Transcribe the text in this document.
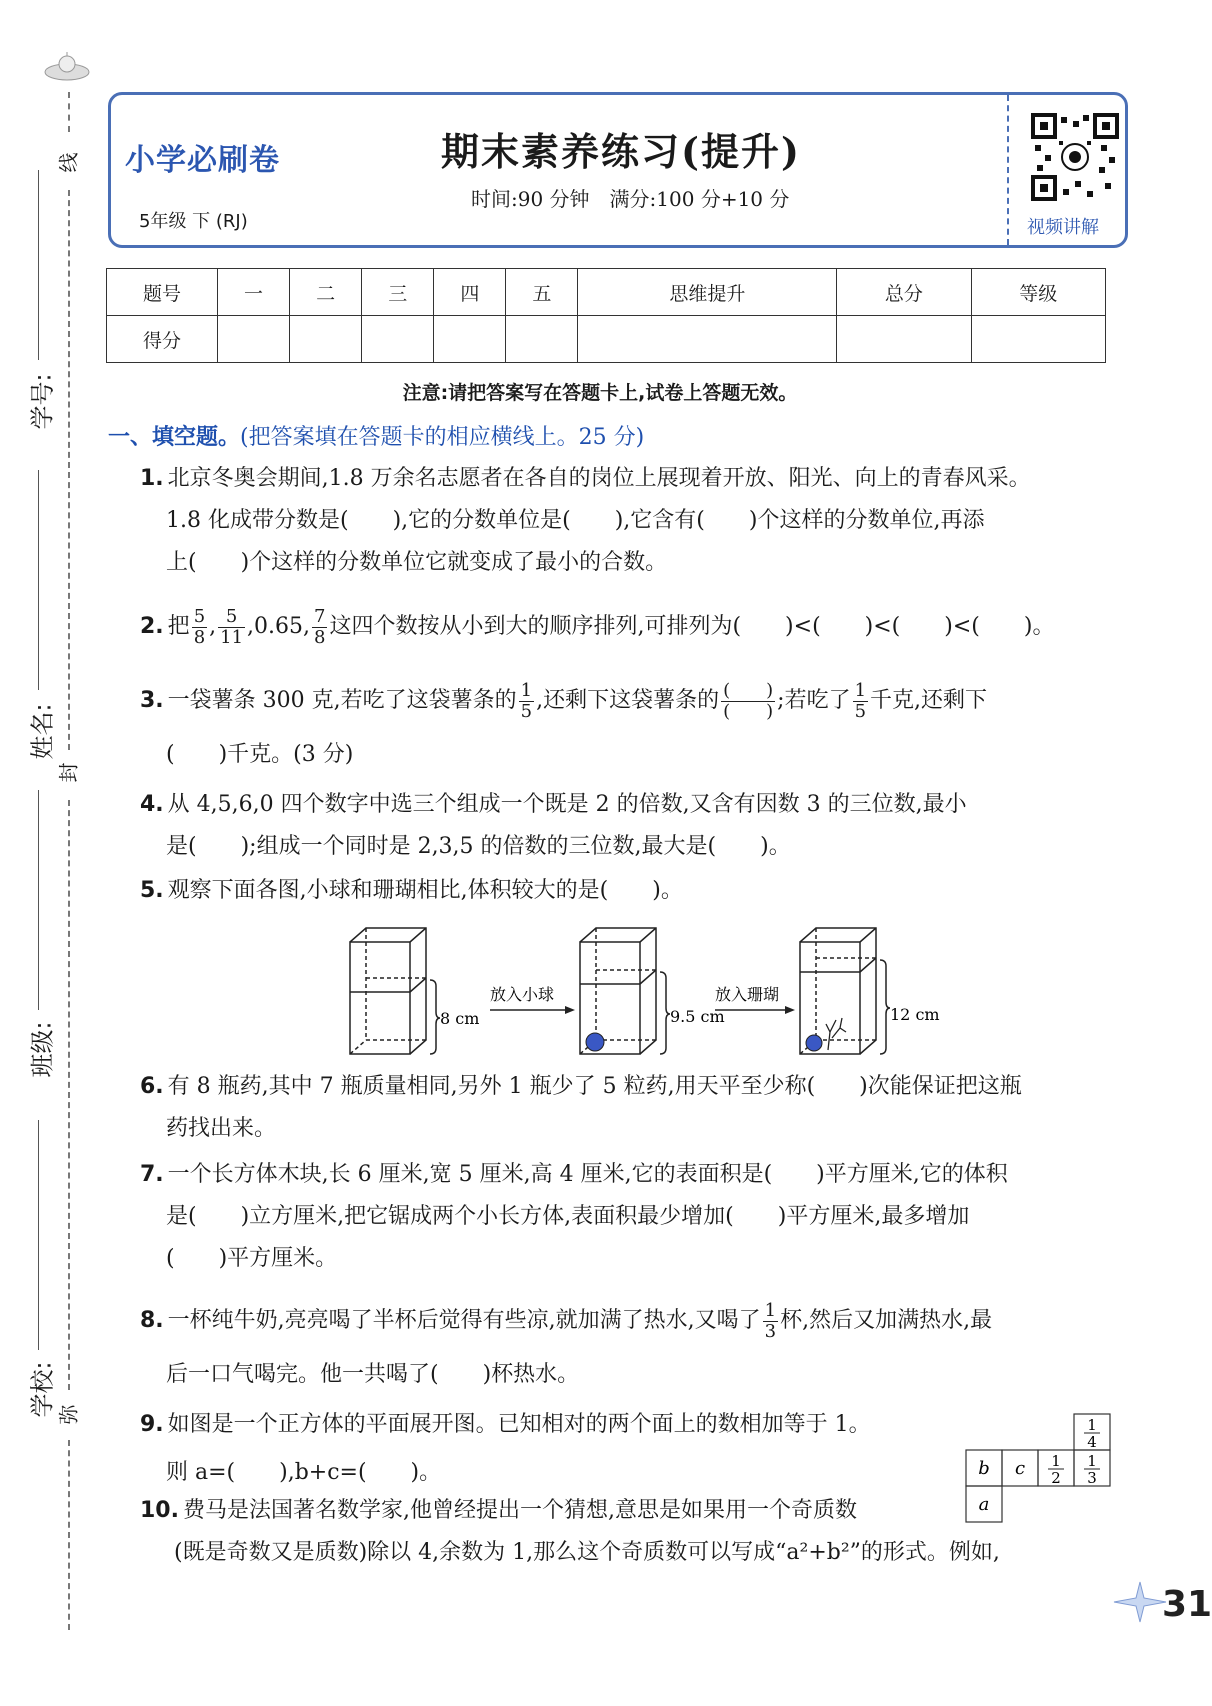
线
封
弥
学号:
姓名:
班级:
学校:
小学必刷卷
5年级 下 (RJ)
期末素养练习(提升)
时间:90 分钟　满分:100 分+10 分
视频讲解
题号	一	二	三	四	五	思维提升	总分	等级
得分								
注意:请把答案写在答题卡上,试卷上答题无效。
一、填空题。(把答案填在答题卡的相应横线上。25 分)
1. 北京冬奥会期间,1.8 万余名志愿者在各自的岗位上展现着开放、阳光、向上的青春风采。
1.8 化成带分数是(　　),它的分数单位是(　　),它含有(　　)个这样的分数单位,再添
上(　　)个这样的分数单位它就变成了最小的合数。
2. 把 $\frac{5}{8}$ , $\frac{5}{11} ,0.65$, $\frac{7}{8}$ 这四个数按从小到大的顺序排列,可排列为(　　)<(　　)<(　　)<(　　)。
3. 一袋薯条 300 克,若吃了这袋薯条的 $\frac{1}{5}$ ,还剩下这袋薯条的 $\frac{( )}{( )}$ ;若吃了 $\frac{1}{5}$ 千克,还剩下
(　　)千克。(3 分)
4. 从 4,5,6,0 四个数字中选三个组成一个既是 2 的倍数,又含有因数 3 的三位数,最小
是(　　);组成一个同时是 2,3,5 的倍数的三位数,最大是(　　)。
5. 观察下面各图,小球和珊瑚相比,体积较大的是(　　)。
8 cm
放入小球
9.5 cm
放入珊瑚
12 cm
6. 有 8 瓶药,其中 7 瓶质量相同,另外 1 瓶少了 5 粒药,用天平至少称(　　)次能保证把这瓶
药找出来。
7. 一个长方体木块,长 6 厘米,宽 5 厘米,高 4 厘米,它的表面积是(　　)平方厘米,它的体积
是(　　)立方厘米,把它锯成两个小长方体,表面积最少增加(　　)平方厘米,最多增加
(　　)平方厘米。
8. 一杯纯牛奶,亮亮喝了半杯后觉得有些凉,就加满了热水,又喝了 $\frac{1}{3}$ 杯,然后又加满热水,最
后一口气喝完。他一共喝了(　　)杯热水。
9. 如图是一个正方体的平面展开图。已知相对的两个面上的数相加等于 1。
则 a=(　　),b+c=(　　)。
1
4
b c 1
2
1
3
a
10. 费马是法国著名数学家,他曾经提出一个猜想,意思是如果用一个奇质数
(既是奇数又是质数)除以 4,余数为 1,那么这个奇质数可以写成“a²+b²”的形式。例如,
31
